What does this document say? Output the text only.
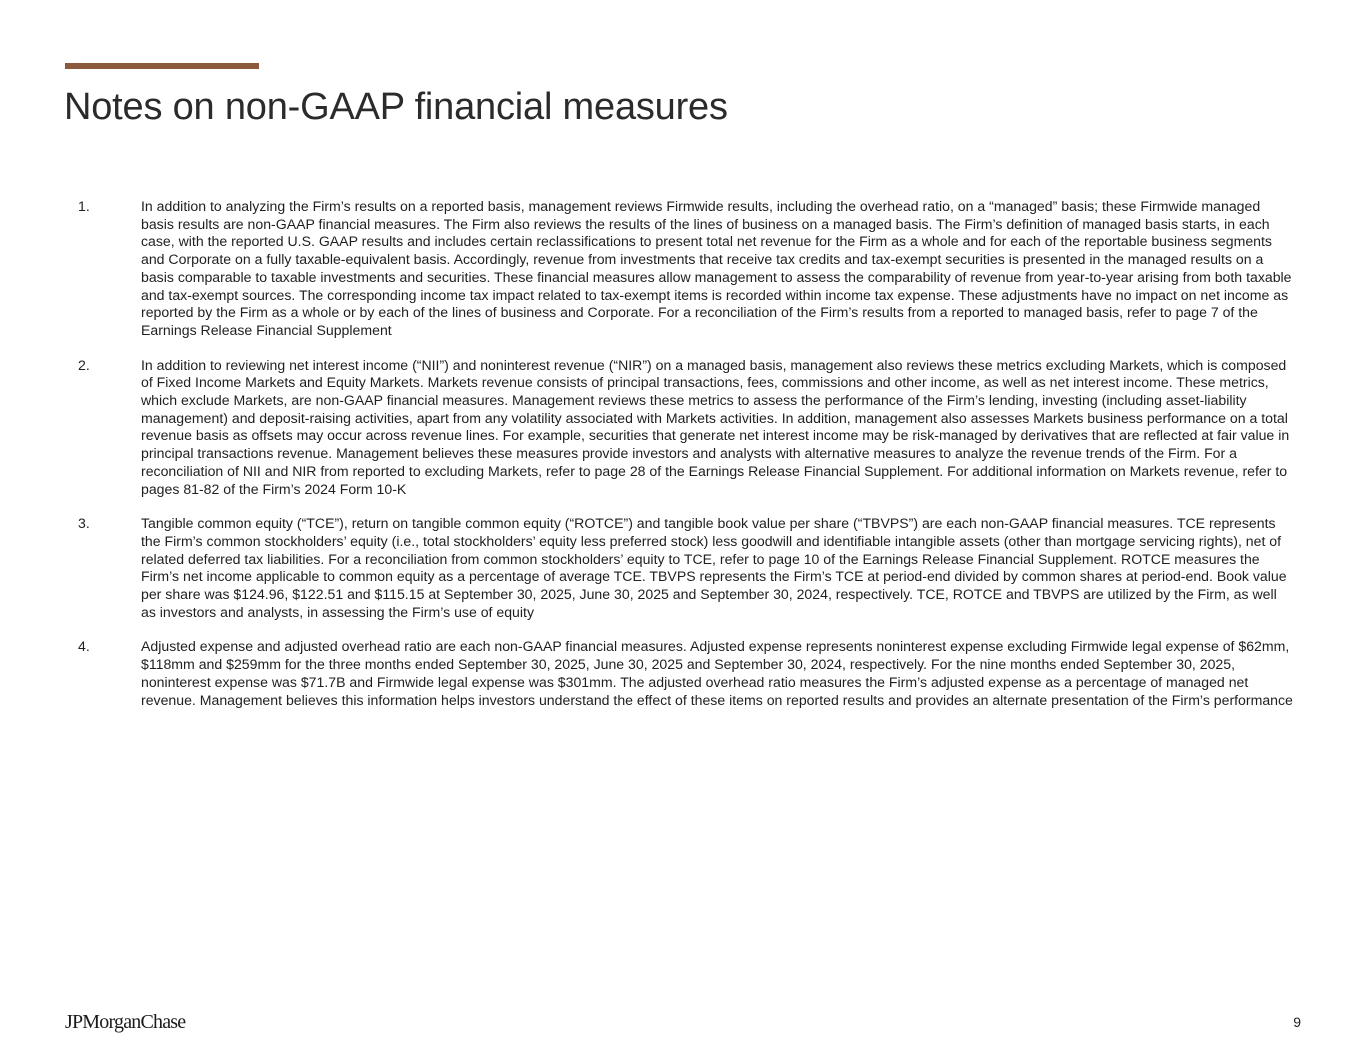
Notes on non-GAAP financial measures
1.	In addition to analyzing the Firm’s results on a reported basis, management reviews Firmwide results, including the overhead ratio, on a “managed” basis; these Firmwide managed basis results are non-GAAP financial measures. The Firm also reviews the results of the lines of business on a managed basis. The Firm’s definition of managed basis starts, in each case, with the reported U.S. GAAP results and includes certain reclassifications to present total net revenue for the Firm as a whole and for each of the reportable business segments and Corporate on a fully taxable-equivalent basis. Accordingly, revenue from investments that receive tax credits and tax-exempt securities is presented in the managed results on a basis comparable to taxable investments and securities. These financial measures allow management to assess the comparability of revenue from year-to-year arising from both taxable and tax-exempt sources. The corresponding income tax impact related to tax-exempt items is recorded within income tax expense. These adjustments have no impact on net income as reported by the Firm as a whole or by each of the lines of business and Corporate. For a reconciliation of the Firm’s results from a reported to managed basis, refer to page 7 of the Earnings Release Financial Supplement
2.	In addition to reviewing net interest income (“NII”) and noninterest revenue (“NIR”) on a managed basis, management also reviews these metrics excluding Markets, which is composed of Fixed Income Markets and Equity Markets. Markets revenue consists of principal transactions, fees, commissions and other income, as well as net interest income. These metrics, which exclude Markets, are non-GAAP financial measures. Management reviews these metrics to assess the performance of the Firm’s lending, investing (including asset-liability management) and deposit-raising activities, apart from any volatility associated with Markets activities. In addition, management also assesses Markets business performance on a total revenue basis as offsets may occur across revenue lines. For example, securities that generate net interest income may be risk-managed by derivatives that are reflected at fair value in principal transactions revenue. Management believes these measures provide investors and analysts with alternative measures to analyze the revenue trends of the Firm. For a reconciliation of NII and NIR from reported to excluding Markets, refer to page 28 of the Earnings Release Financial Supplement. For additional information on Markets revenue, refer to pages 81-82 of the Firm’s 2024 Form 10-K
3.	Tangible common equity (“TCE”), return on tangible common equity (“ROTCE”) and tangible book value per share (“TBVPS”) are each non-GAAP financial measures. TCE represents the Firm’s common stockholders’ equity (i.e., total stockholders’ equity less preferred stock) less goodwill and identifiable intangible assets (other than mortgage servicing rights), net of related deferred tax liabilities. For a reconciliation from common stockholders’ equity to TCE, refer to page 10 of the Earnings Release Financial Supplement. ROTCE measures the Firm’s net income applicable to common equity as a percentage of average TCE. TBVPS represents the Firm’s TCE at period-end divided by common shares at period-end. Book value per share was $124.96, $122.51 and $115.15 at September 30, 2025, June 30, 2025 and September 30, 2024, respectively. TCE, ROTCE and TBVPS are utilized by the Firm, as well as investors and analysts, in assessing the Firm’s use of equity
4.	Adjusted expense and adjusted overhead ratio are each non-GAAP financial measures. Adjusted expense represents noninterest expense excluding Firmwide legal expense of $62mm, $118mm and $259mm for the three months ended September 30, 2025, June 30, 2025 and September 30, 2024, respectively. For the nine months ended September 30, 2025, noninterest expense was $71.7B and Firmwide legal expense was $301mm. The adjusted overhead ratio measures the Firm’s adjusted expense as a percentage of managed net revenue. Management believes this information helps investors understand the effect of these items on reported results and provides an alternate presentation of the Firm’s performance
JPMorganChase	9
